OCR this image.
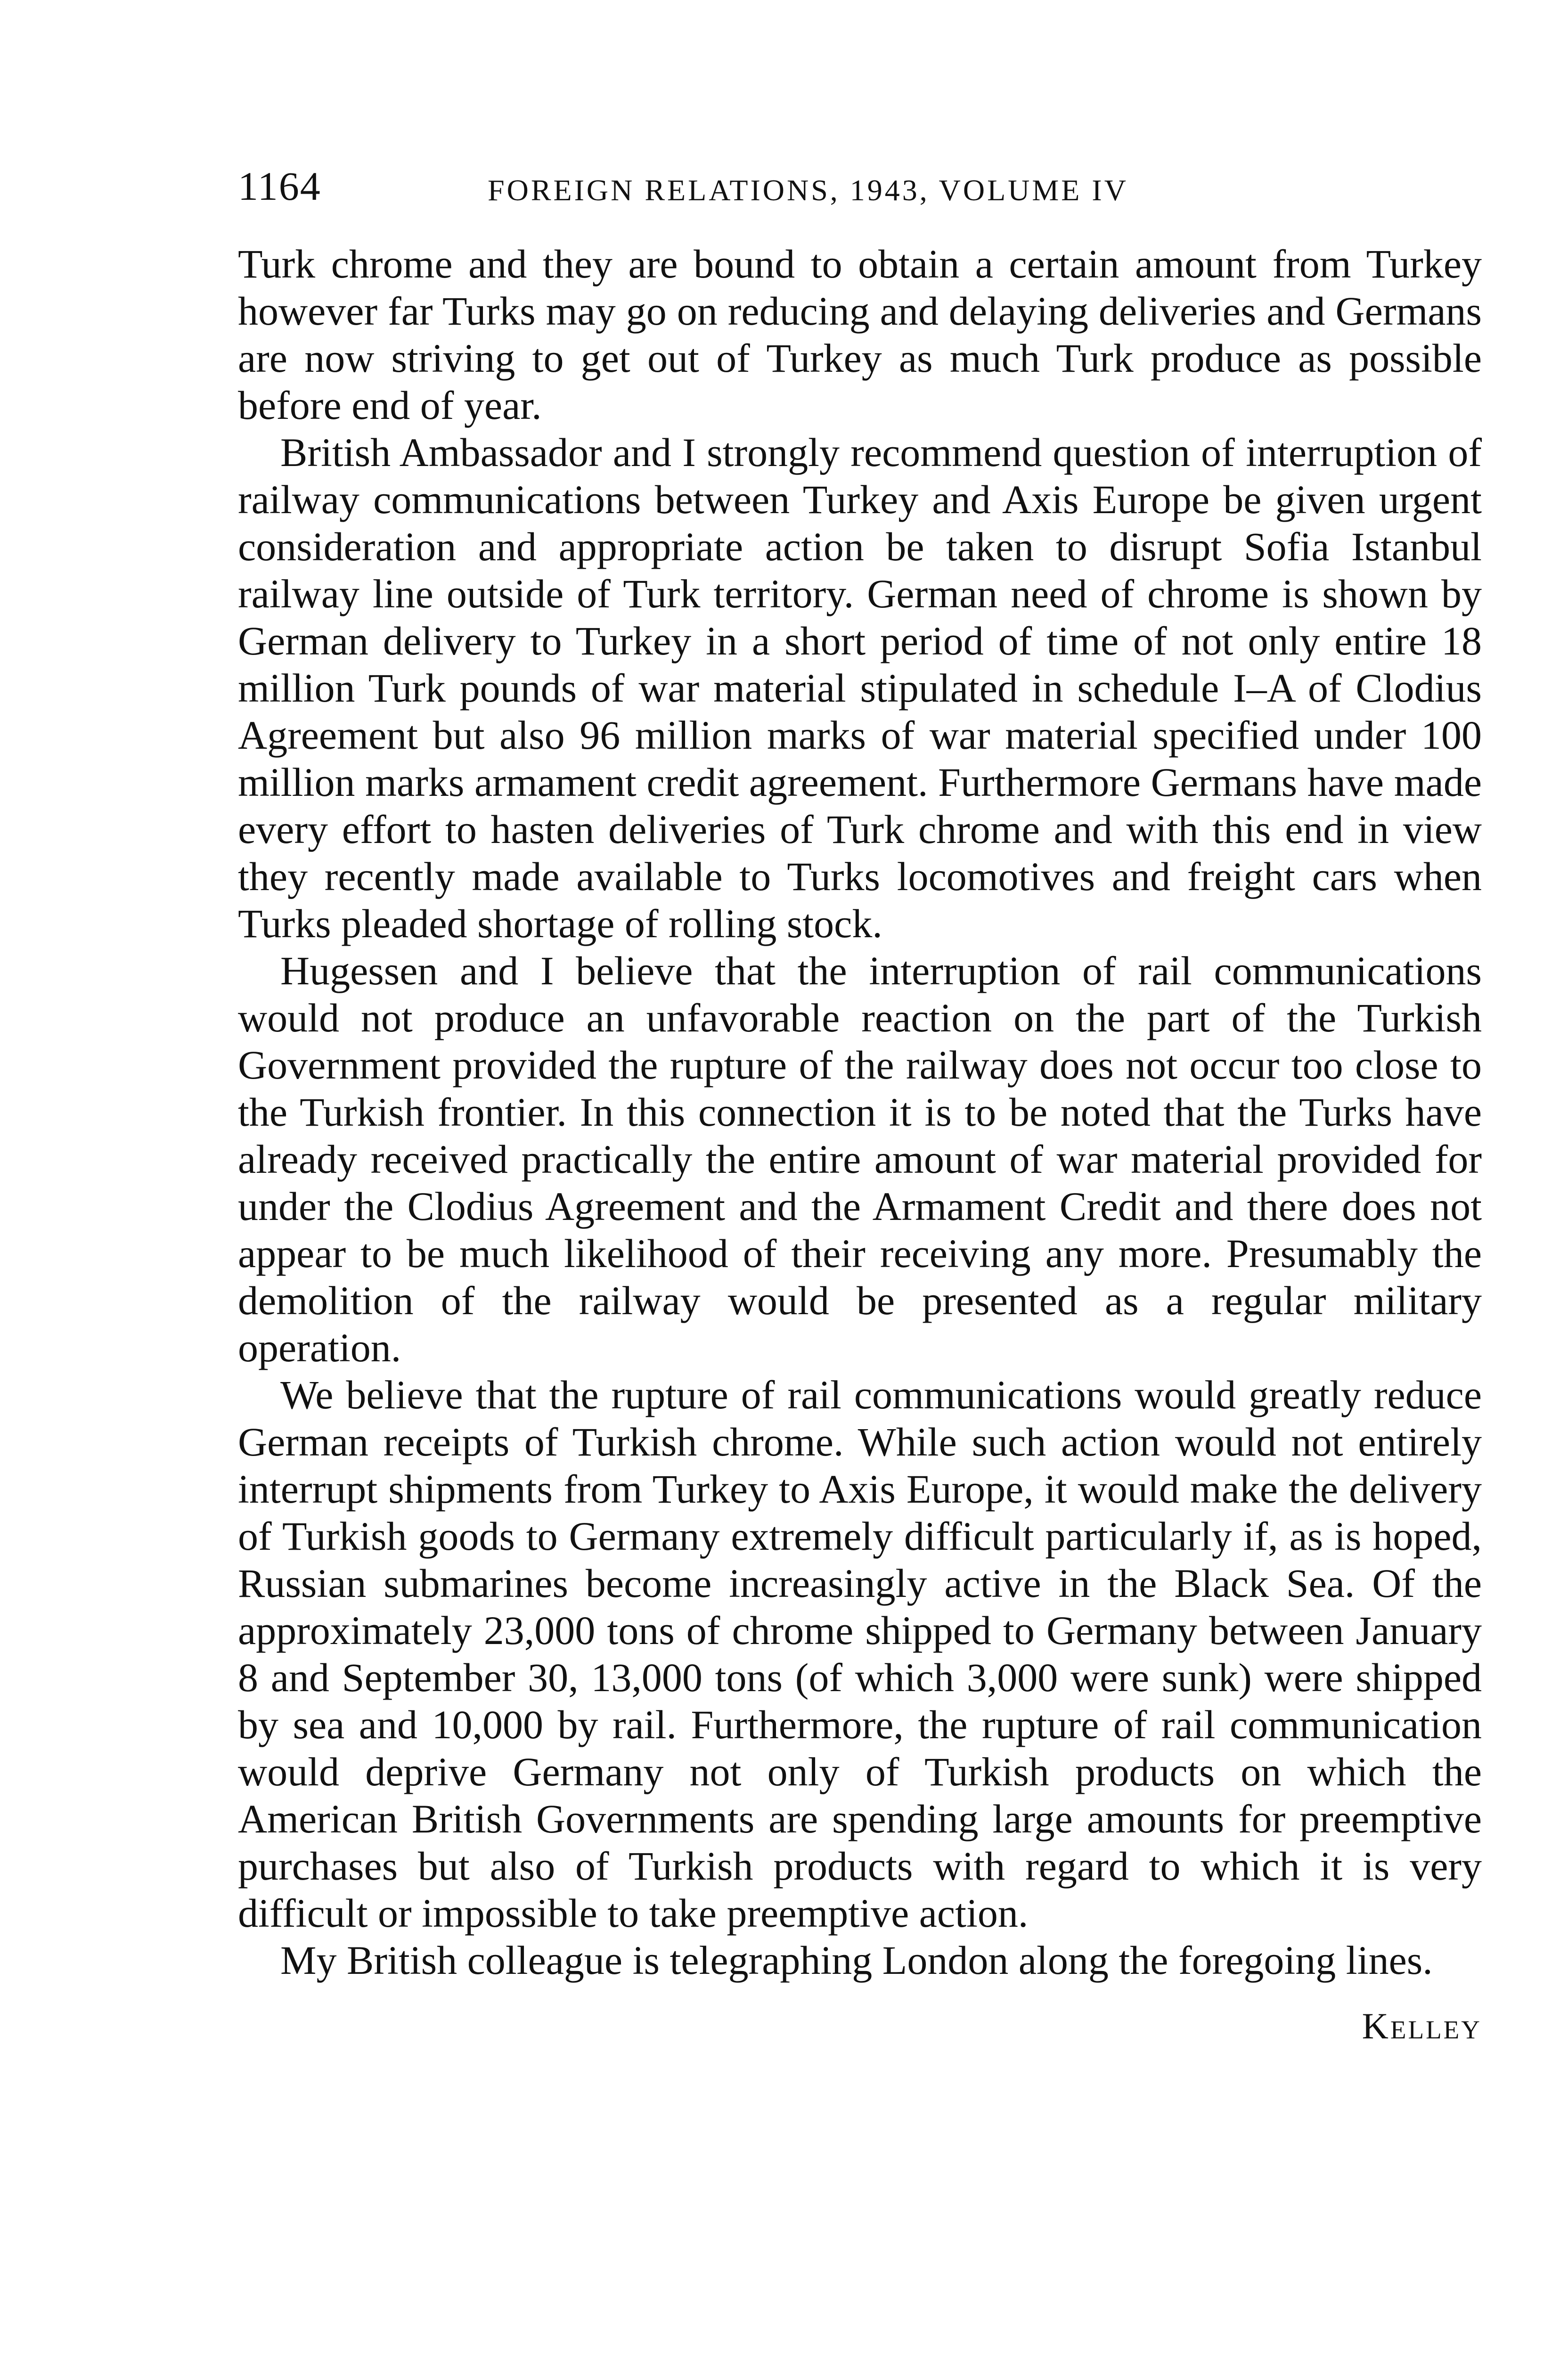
1164	FOREIGN RELATIONS, 1943, VOLUME IV

Turk chrome and they are bound to obtain a certain amount from Turkey however far Turks may go on reducing and delaying deliveries and Germans are now striving to get out of Turkey as much Turk produce as possible before end of year.

British Ambassador and I strongly recommend question of interruption of railway communications between Turkey and Axis Europe be given urgent consideration and appropriate action be taken to disrupt Sofia Istanbul railway line outside of Turk territory. German need of chrome is shown by German delivery to Turkey in a short period of time of not only entire 18 million Turk pounds of war material stipulated in schedule I–A of Clodius Agreement but also 96 million marks of war material specified under 100 million marks armament credit agreement. Furthermore Germans have made every effort to hasten deliveries of Turk chrome and with this end in view they recently made available to Turks locomotives and freight cars when Turks pleaded shortage of rolling stock.

Hugessen and I believe that the interruption of rail communications would not produce an unfavorable reaction on the part of the Turkish Government provided the rupture of the railway does not occur too close to the Turkish frontier. In this connection it is to be noted that the Turks have already received practically the entire amount of war material provided for under the Clodius Agreement and the Armament Credit and there does not appear to be much likelihood of their receiving any more. Presumably the demolition of the railway would be presented as a regular military operation.

We believe that the rupture of rail communications would greatly reduce German receipts of Turkish chrome. While such action would not entirely interrupt shipments from Turkey to Axis Europe, it would make the delivery of Turkish goods to Germany extremely difficult particularly if, as is hoped, Russian submarines become increasingly active in the Black Sea. Of the approximately 23,000 tons of chrome shipped to Germany between January 8 and September 30, 13,000 tons (of which 3,000 were sunk) were shipped by sea and 10,000 by rail. Furthermore, the rupture of rail communication would deprive Germany not only of Turkish products on which the American British Governments are spending large amounts for preemptive purchases but also of Turkish products with regard to which it is very difficult or impossible to take preemptive action.

My British colleague is telegraphing London along the foregoing lines.

Kelley
